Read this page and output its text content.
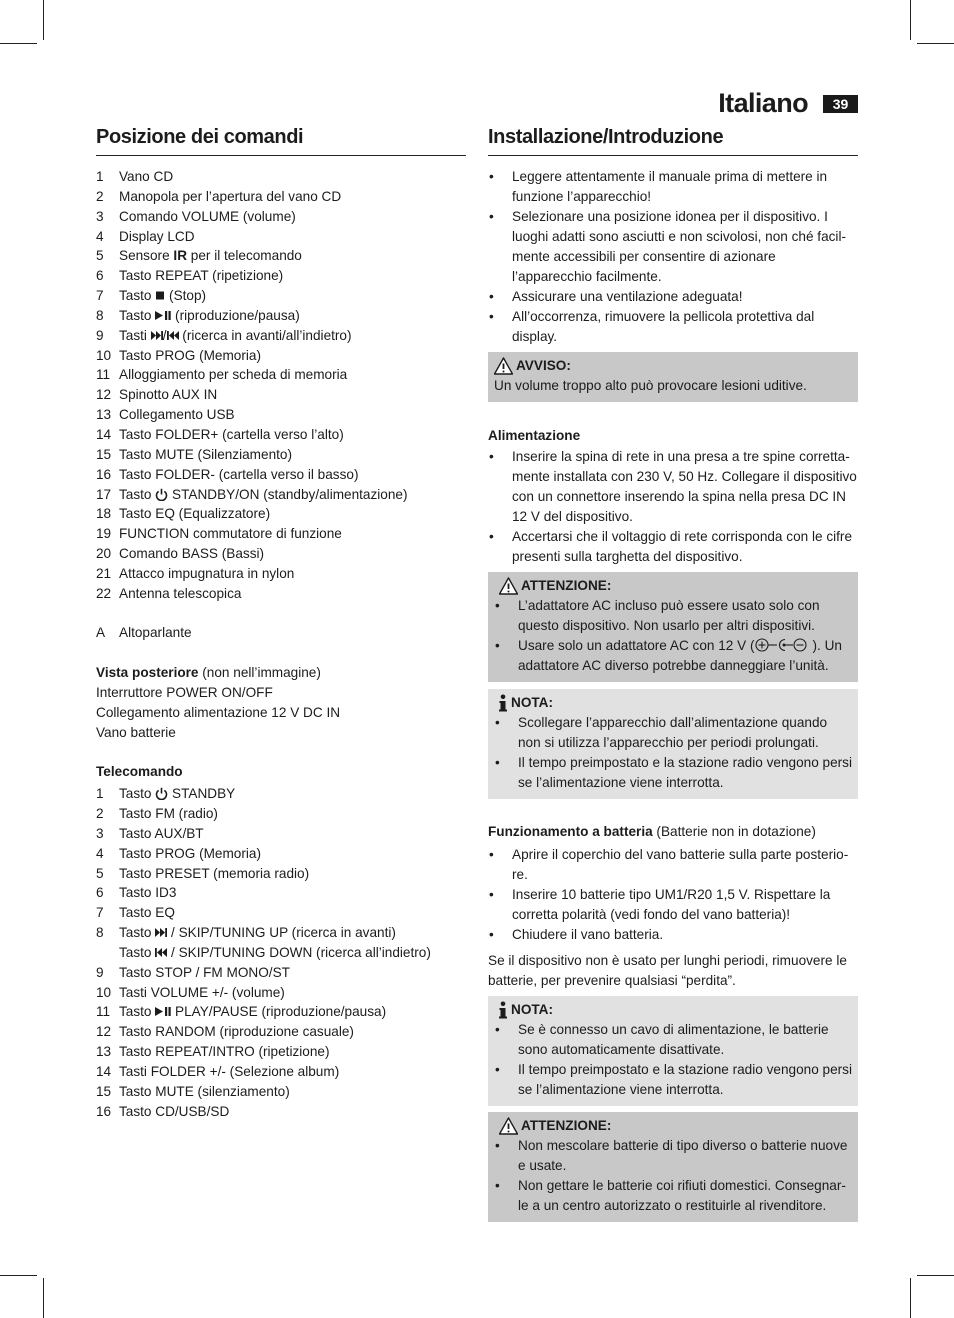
Italiano	39
Posizione dei comandi
1	Vano CD
2	Manopola per l’apertura del vano CD
3	Comando VOLUME (volume)
4	Display LCD
5	Sensore IR per il telecomando
6	Tasto REPEAT (ripetizione)
7	Tasto  (Stop)
8	Tasto  (riproduzione/pausa)
9	Tasti / (ricerca in avanti/all’indietro)
10 Tasto PROG (Memoria)
11 Alloggiamento per scheda di memoria
12 Spinotto AUX IN
13 Collegamento USB
14 Tasto FOLDER+ (cartella verso l’alto)
15 Tasto MUTE (Silenziamento)
16 Tasto FOLDER- (cartella verso il basso)
17 Tasto  STANDBY/ON (standby/alimentazione)
18 Tasto EQ (Equalizzatore)
19 FUNCTION commutatore di funzione
20 Comando BASS (Bassi)
21 Attacco impugnatura in nylon
22 Antenna telescopica
A	Altoparlante
Vista posteriore (non nell’immagine)
Interruttore POWER ON/OFF
Collegamento alimentazione 12 V DC IN
Vano batterie
Telecomando
1	Tasto  STANDBY
2	Tasto FM (radio)
3	Tasto AUX/BT
4	Tasto PROG (Memoria)
5	Tasto PRESET (memoria radio)
6	Tasto ID3
7	Tasto EQ
8	Tasto  / SKIP/TUNING UP (ricerca in avanti)
Tasto  / SKIP/TUNING DOWN (ricerca all’indietro)
9	Tasto STOP / FM MONO/ST
10 Tasti VOLUME +/- (volume)
11 Tasto  PLAY/PAUSE (riproduzione/pausa)
12 Tasto RANDOM (riproduzione casuale)
13 Tasto REPEAT/INTRO (ripetizione)
14 Tasti FOLDER +/- (Selezione album)
15 Tasto MUTE (silenziamento)
16 Tasto CD/USB/SD
Installazione/Introduzione
•	Leggere attentamente il manuale prima di mettere in funzione l’apparecchio!
•	Selezionare una posizione idonea per il dispositivo. I luoghi adatti sono asciutti e non scivolosi, non ché facil-mente accessibili per consentire di azionare l’apparecchio facilmente.
•	Assicurare una ventilazione adeguata!
•	All’occorrenza, rimuovere la pellicola protettiva dal display.
AVVISO:
Un volume troppo alto può provocare lesioni uditive.
Alimentazione
•	Inserire la spina di rete in una presa a tre spine corretta-mente installata con 230 V, 50 Hz. Collegare il dispositivo con un connettore inserendo la spina nella presa DC IN 12 V del dispositivo.
•	Accertarsi che il voltaggio di rete corrisponda con le cifre presenti sulla targhetta del dispositivo.
ATTENZIONE:
•	L’adattatore AC incluso può essere usato solo con questo dispositivo. Non usarlo per altri dispositivi.
•	Usare solo un adattatore AC con 12 V (	). Un adattatore AC diverso potrebbe danneggiare l’unità.
NOTA:
•	Scollegare l’apparecchio dall’alimentazione quando non si utilizza l’apparecchio per periodi prolungati.
•	Il tempo preimpostato e la stazione radio vengono persi se l’alimentazione viene interrotta.
Funzionamento a batteria (Batterie non in dotazione)
•	Aprire il coperchio del vano batterie sulla parte posterio-re.
•	Inserire 10 batterie tipo UM1/R20 1,5 V. Rispettare la corretta polarità (vedi fondo del vano batteria)!
•	Chiudere il vano batteria.
Se il dispositivo non è usato per lunghi periodi, rimuovere le batterie, per prevenire qualsiasi “perdita”.
NOTA:
•	Se è connesso un cavo di alimentazione, le batterie sono automaticamente disattivate.
•	Il tempo preimpostato e la stazione radio vengono persi se l’alimentazione viene interrotta.
ATTENZIONE:
•	Non mescolare batterie di tipo diverso o batterie nuove e usate.
•	Non gettare le batterie coi rifiuti domestici. Consegnar-le a un centro autorizzato o restituirle al rivenditore.
